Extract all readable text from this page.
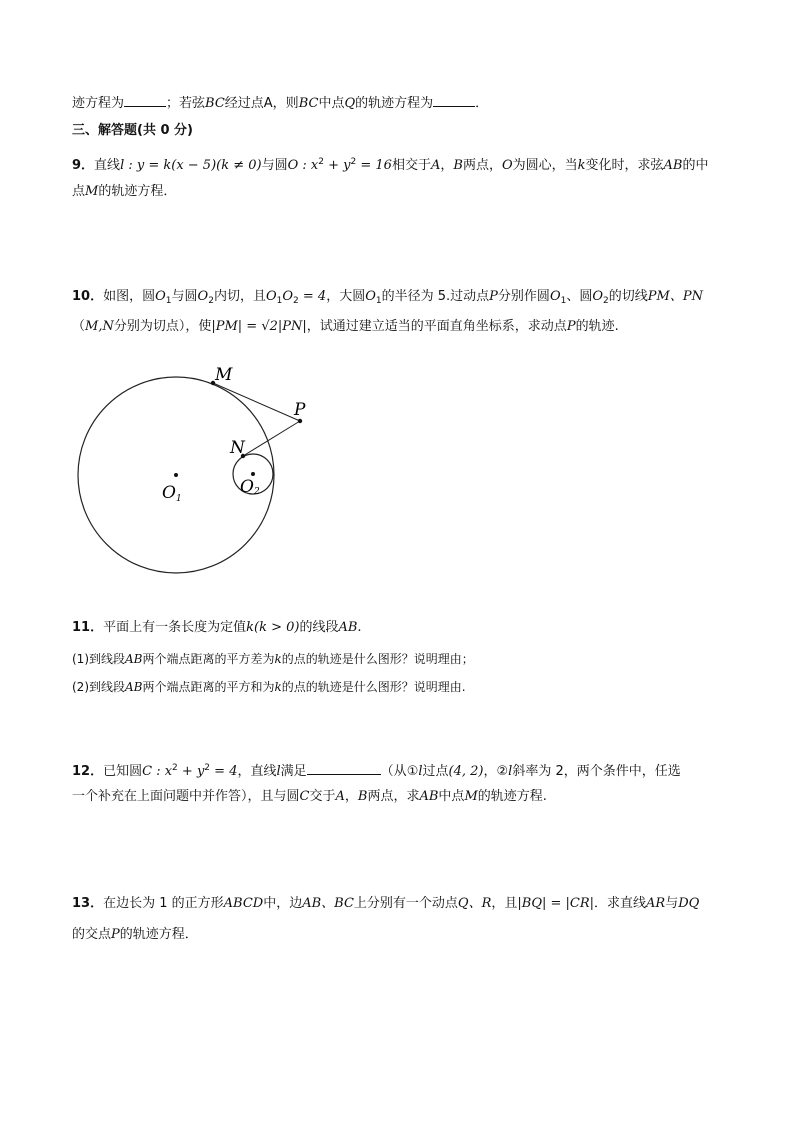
迹方程为	；若弦BC经过点A，则BC中点Q的轨迹方程为	．
三、解答题(共 0 分)
9．直线l : y = k(x − 5)(k ≠ 0)与圆O : $x^2 + y^2 = 16$相交于A，B两点，O为圆心，当k变化时，求弦AB的中
点M的轨迹方程．
10．如图，圆$O_1$与圆$O_2$内切，且$O_1O_2 = 4$，大圆$O_1$的半径为 5.过动点P分别作圆$O_1$、圆$O_2$的切线PM、PN
（M,N分别为切点），使|PM| = √2|PN|，试通过建立适当的平面直角坐标系，求动点P的轨迹.
M
P
N
O 1
O 2
11．平面上有一条长度为定值k(k > 0)的线段AB.
(1)到线段AB两个端点距离的平方差为k的点的轨迹是什么图形？说明理由；
(2)到线段AB两个端点距离的平方和为k的点的轨迹是什么图形？说明理由.
12．已知圆C : $x^2 + y^2 = 4$，直线l满足	（从①l过点(4, 2)，②l斜率为 2，两个条件中，任选
一个补充在上面问题中并作答），且与圆C交于A，B两点，求AB中点M的轨迹方程.
13．在边长为 1 的正方形ABCD中，边AB、BC上分别有一个动点Q、R，且|BQ| = |CR|．求直线AR与DQ
的交点P的轨迹方程．
